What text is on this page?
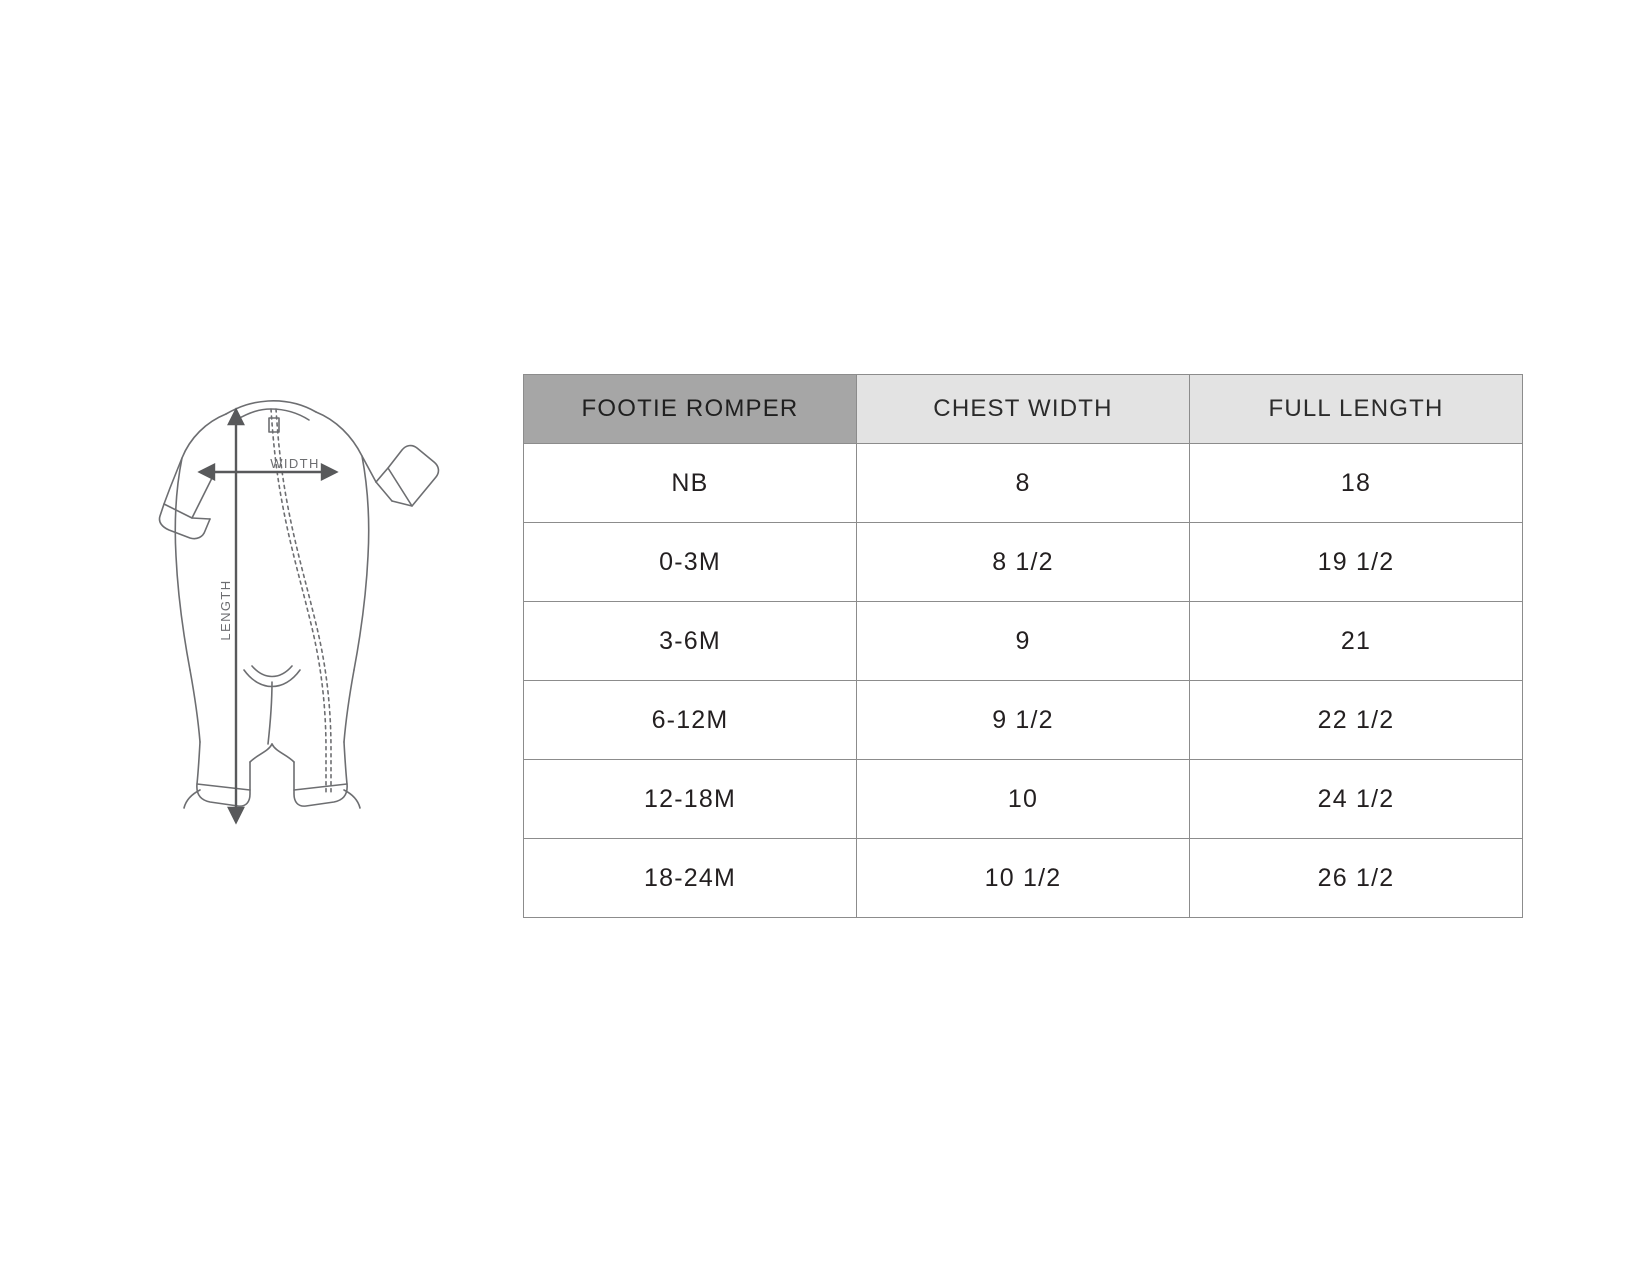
WIDTH
LENGTH
FOOTIE ROMPER	CHEST WIDTH	FULL LENGTH
NB	8	18
0-3M	8 1/2	19 1/2
3-6M	9	21
6-12M	9 1/2	22 1/2
12-18M	10	24 1/2
18-24M	10 1/2	26 1/2
